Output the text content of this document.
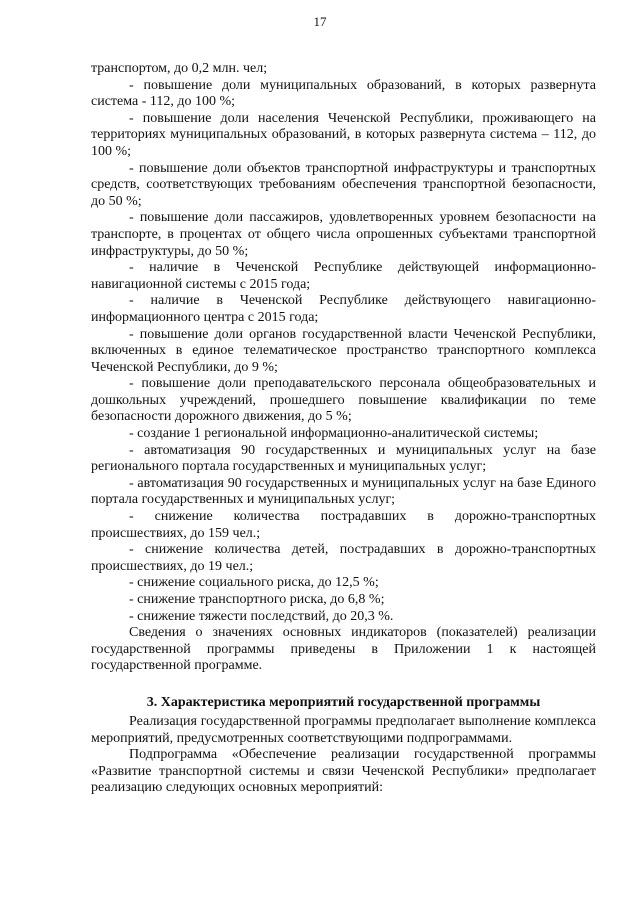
17

транспортом, до 0,2 млн. чел;

- повышение доли муниципальных образований, в которых развернута система - 112, до 100 %;

- повышение доли населения Чеченской Республики, проживающего на территориях муниципальных образований, в которых развернута система – 112, до 100 %;

- повышение доли объектов транспортной инфраструктуры и транспортных средств, соответствующих требованиям обеспечения транспортной безопасности, до 50 %;

- повышение доли пассажиров, удовлетворенных уровнем безопасности на транспорте, в процентах от общего числа опрошенных субъектами транспортной инфраструктуры, до 50 %;

- наличие в Чеченской Республике действующей информационно-навигационной системы с 2015 года;

- наличие в Чеченской Республике действующего навигационно-информационного центра с 2015 года;

- повышение доли органов государственной власти Чеченской Республики, включенных в единое телематическое пространство транспортного комплекса Чеченской Республики, до 9 %;

- повышение доли преподавательского персонала общеобразовательных и дошкольных учреждений, прошедшего повышение квалификации по теме безопасности дорожного движения, до 5 %;

- создание 1 региональной информационно-аналитической системы;

- автоматизация 90 государственных и муниципальных услуг на базе регионального портала государственных и муниципальных услуг;

- автоматизация 90 государственных и муниципальных услуг на базе Единого портала государственных и муниципальных услуг;

- снижение количества пострадавших в дорожно-транспортных происшествиях, до 159 чел.;

- снижение количества детей, пострадавших в дорожно-транспортных происшествиях, до 19 чел.;

- снижение социального риска, до 12,5 %;

- снижение транспортного риска, до 6,8 %;

- снижение тяжести последствий, до 20,3 %.

Сведения о значениях основных индикаторов (показателей) реализации государственной программы приведены в Приложении 1 к настоящей государственной программе.

3. Характеристика мероприятий государственной программы

Реализация государственной программы предполагает выполнение комплекса мероприятий, предусмотренных соответствующими подпрограммами.

Подпрограмма «Обеспечение реализации государственной программы «Развитие транспортной системы и связи Чеченской Республики» предполагает реализацию следующих основных мероприятий:
